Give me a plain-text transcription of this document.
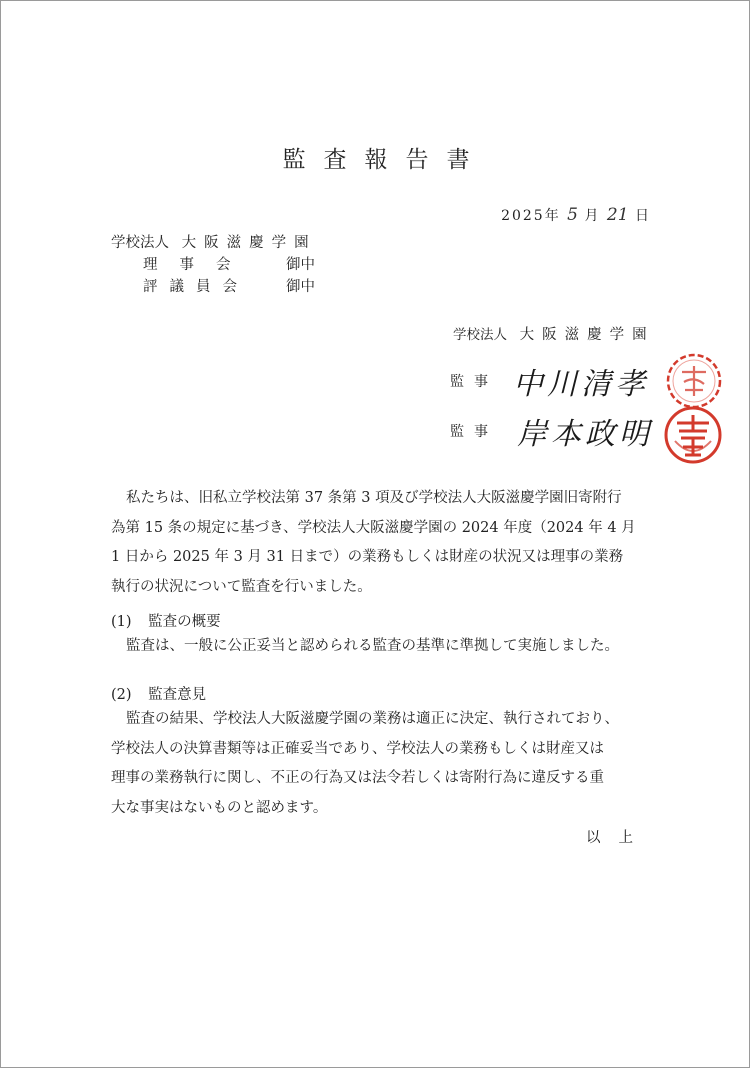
監査報告書
2025年 5 月 21 日
学校法人 大阪滋慶学園
理事会 御中
評議員会	御中
学校法人 大阪滋慶学園
監事 中川清孝
監事 岸本政明
私たちは、旧私立学校法第 37 条第 3 項及び学校法人大阪滋慶学園旧寄附行
為第 15 条の規定に基づき、学校法人大阪滋慶学園の 2024 年度（2024 年 4 月
1 日から 2025 年 3 月 31 日まで）の業務もしくは財産の状況又は理事の業務
執行の状況について監査を行いました。
(1) 監査の概要
監査は、一般に公正妥当と認められる監査の基準に準拠して実施しました。
(2) 監査意見
監査の結果、学校法人大阪滋慶学園の業務は適正に決定、執行されており、
学校法人の決算書類等は正確妥当であり、学校法人の業務もしくは財産又は
理事の業務執行に関し、不正の行為又は法令若しくは寄附行為に違反する重
大な事実はないものと認めます。
以上
